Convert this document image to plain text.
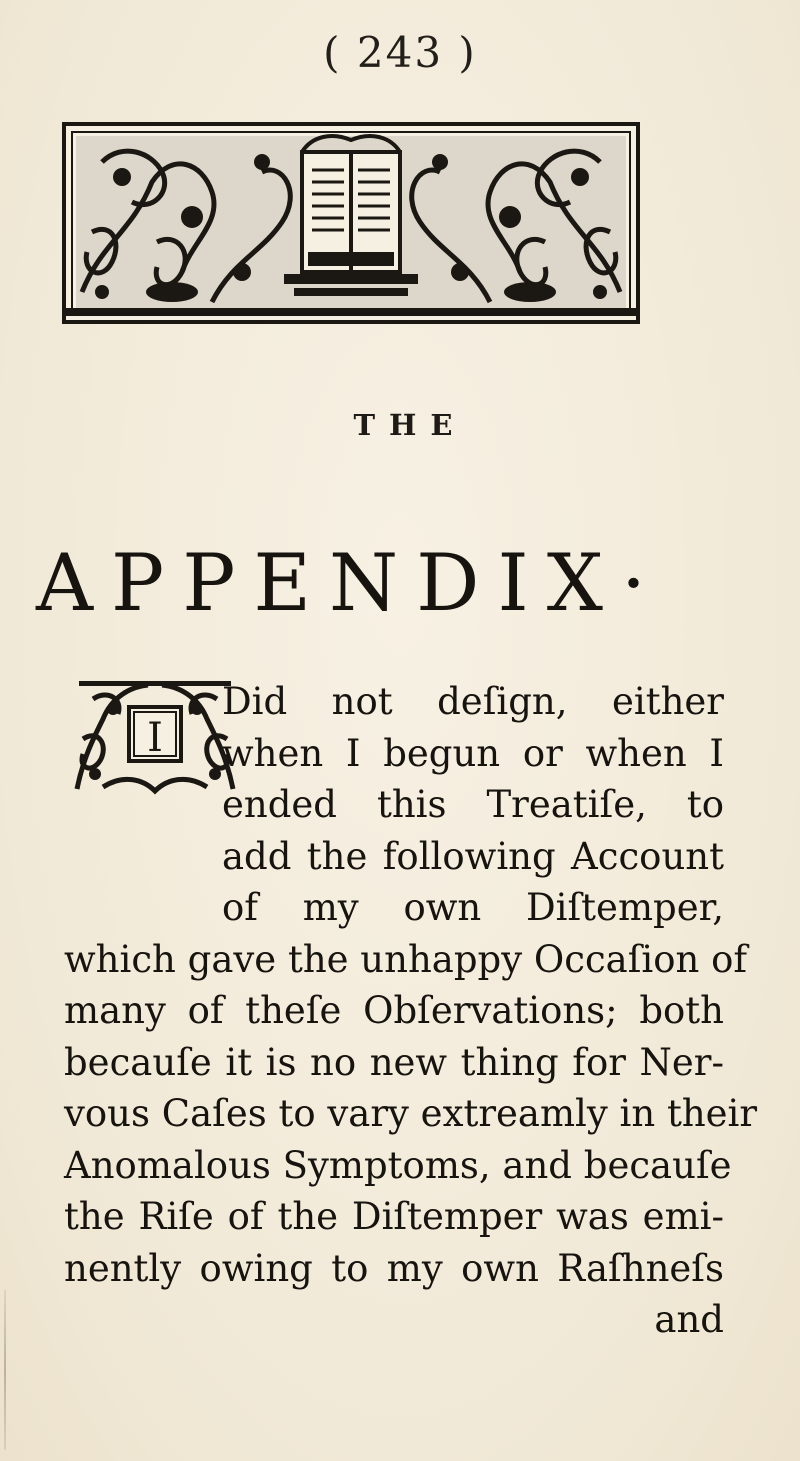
( 243 )
THE
APPENDIX·
I
Did not deſign, either
when I begun or when I
ended this Treatiſe, to
add the following Account
of my own Diſtemper,
which gave the unhappy Occaſion of
many of theſe Obſervations; both
becauſe it is no new thing for Ner-
vous Caſes to vary extreamly in their
Anomalous Symptoms, and becauſe
the Riſe of the Diſtemper was emi-
nently owing to my own Raſhneſs
and
